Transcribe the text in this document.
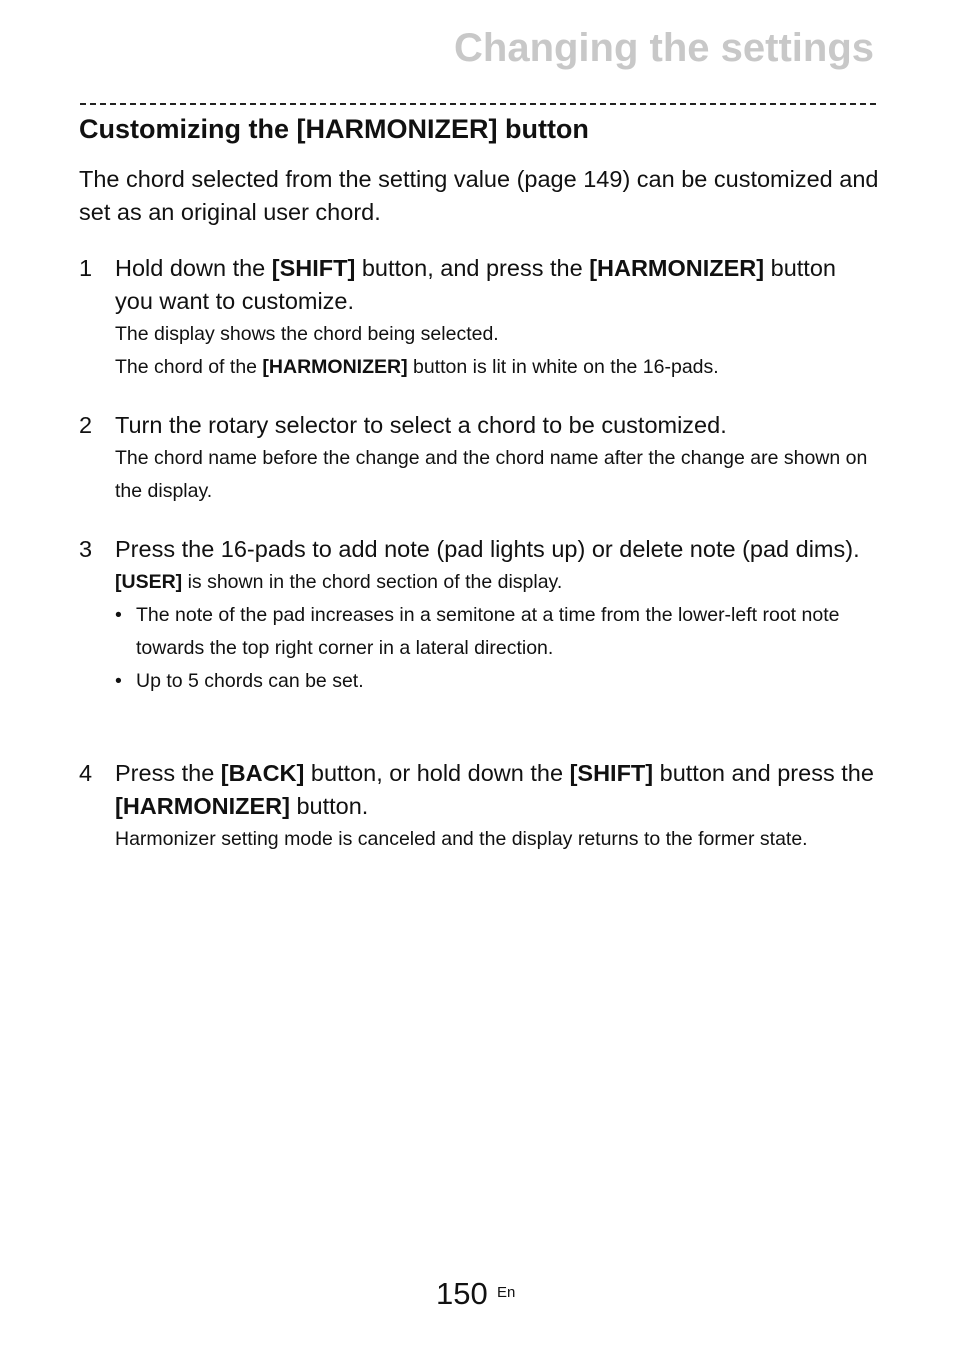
Changing the settings
Customizing the [HARMONIZER] button

The chord selected from the setting value (page 149) can be customized and set as an original user chord.

1 Hold down the [SHIFT] button, and press the [HARMONIZER] button you want to customize.

The display shows the chord being selected.

The chord of the [HARMONIZER] button is lit in white on the 16-pads.

2 Turn the rotary selector to select a chord to be customized.

The chord name before the change and the chord name after the change are shown on the display.

3 Press the 16-pads to add note (pad lights up) or delete note (pad dims).

[USER] is shown in the chord section of the display.

• The note of the pad increases in a semitone at a time from the lower-left root note towards the top right corner in a lateral direction.

• Up to 5 chords can be set.

4 Press the [BACK] button, or hold down the [SHIFT] button and press the [HARMONIZER] button.

Harmonizer setting mode is canceled and the display returns to the former state.

150 En
